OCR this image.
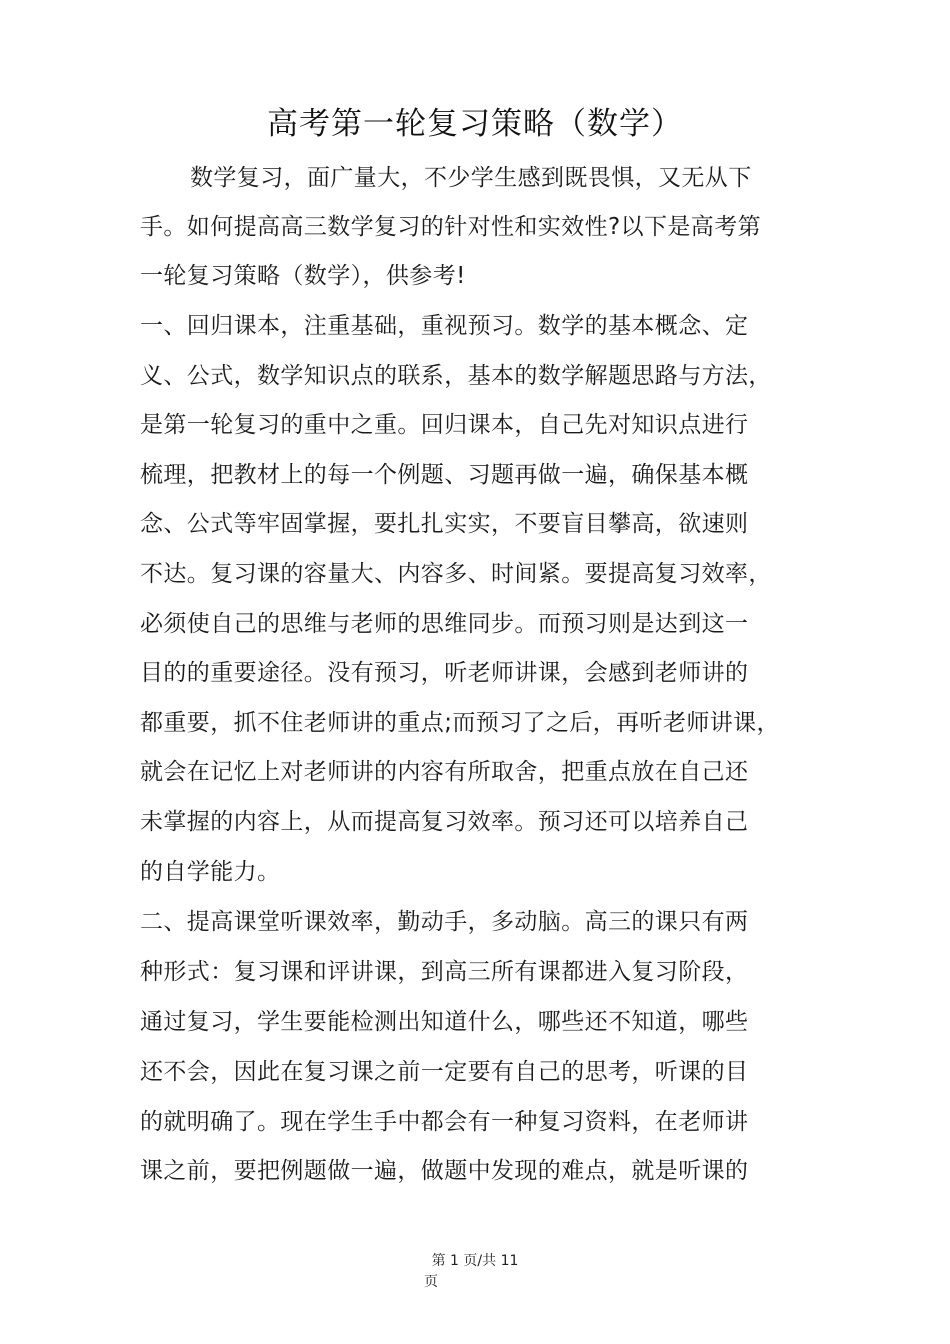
高考第一轮复习策略（数学）
数学复习，面广量大，不少学生感到既畏惧，又无从下
手。如何提高高三数学复习的针对性和实效性?以下是高考第
一轮复习策略（数学），供参考!
一、回归课本，注重基础，重视预习。数学的基本概念、定
义、公式，数学知识点的联系，基本的数学解题思路与方法，
是第一轮复习的重中之重。回归课本，自己先对知识点进行
梳理，把教材上的每一个例题、习题再做一遍，确保基本概
念、公式等牢固掌握，要扎扎实实，不要盲目攀高，欲速则
不达。复习课的容量大、内容多、时间紧。要提高复习效率，
必须使自己的思维与老师的思维同步。而预习则是达到这一
目的的重要途径。没有预习，听老师讲课，会感到老师讲的
都重要，抓不住老师讲的重点;而预习了之后，再听老师讲课，
就会在记忆上对老师讲的内容有所取舍，把重点放在自己还
未掌握的内容上，从而提高复习效率。预习还可以培养自己
的自学能力。
二、提高课堂听课效率，勤动手，多动脑。高三的课只有两
种形式：复习课和评讲课，到高三所有课都进入复习阶段，
通过复习，学生要能检测出知道什么，哪些还不知道，哪些
还不会，因此在复习课之前一定要有自己的思考，听课的目
的就明确了。现在学生手中都会有一种复习资料，在老师讲
课之前，要把例题做一遍，做题中发现的难点，就是听课的
第 1 页/共 11
页
